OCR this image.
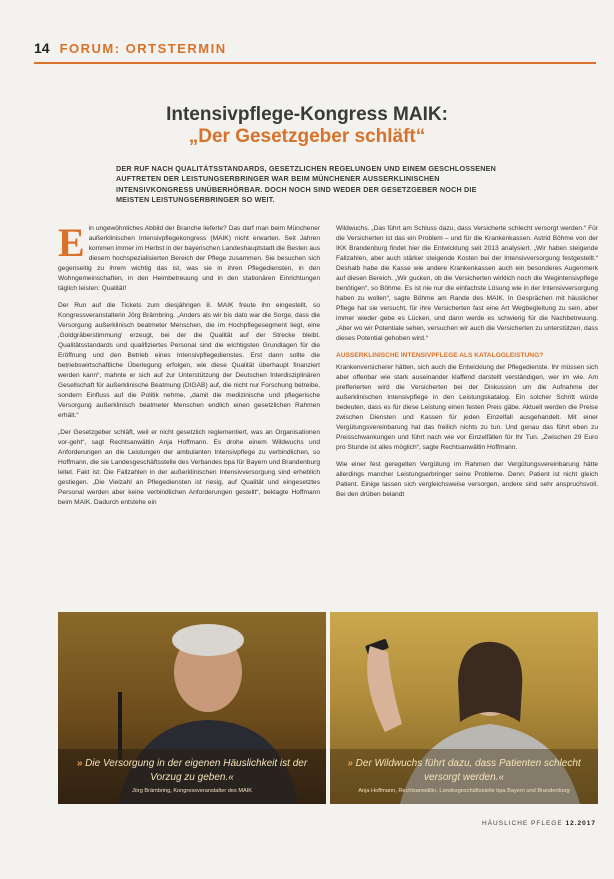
14 FORUM: ORTSTERMIN
Intensivpflege-Kongress MAIK:
„Der Gesetzgeber schläft“
DER RUF NACH QUALITÄTSSTANDARDS, GESETZLICHEN REGELUNGEN UND EINEM GESCHLOSSENEN AUFTRETEN DER LEISTUNGSERBRINGER WAR BEIM MÜNCHENER AUSSERKLINISCHEN INTENSIVKONGRESS UNÜBERHÖRBAR. DOCH NOCH SIND WEDER DER GESETZGEBER NOCH DIE MEISTEN LEISTUNGSERBRINGER SO WEIT.

E in ungewöhnliches Abbild der Branche lieferte? Das darf man beim Münchener außerklinischen Intensivpflegekongress (MAIK) nicht erwarten. Seit Jahren kommen immer im Herbst in der bayerischen Landeshauptstadt die Besten aus diesem hochspezialisierten Bereich der Pflege zusammen. Sie besuchen sich gegenseitig zu ihrem wichtig das ist, was sie in ihren Pflegediensten, in den Wohngemeinschaften, in den Heimbetreuung und in den stationären Einrichtungen täglich leisten: Qualität!

Der Run auf die Tickets zum diesjährigen 8. MAIK freute ihn eingestellt, so Kongressveranstalterin Jörg Brämbring. „Anders als wir bis dato war die Sorge, dass die Versorgung außerklinisch beatmeter Menschen, die im Hochpflegesegment liegt, eine ‚Goldgräberstimmung‘ erzeugt, bei der die Qualität auf der Strecke bleibt. Qualitätsstandards und qualifiziertes Personal sind die wichtigsten Grundlagen für die Eröffnung und den Betrieb eines Intensivpflegedienstes. Erst dann sollte die betriebswirtschaftliche Überlegung erfolgen, wie diese Qualität überhaupt finanziert werden kann“, mahnte er sich auf zur Unterstützung der Deutschen Interdisziplinären Gesellschaft für außerklinische Beatmung (DIGAB) auf, die nicht nur Forschung betreibe, sondern Einfluss auf die Politik nehme, „damit die medizinische und pflegerische Versorgung außerklinisch beatmeter Menschen endlich einen gesetzlichen Rahmen erhält.“

„Der Gesetzgeber schläft, weil er nicht gesetzlich reglementiert, was an Organisationen vor-geht“, sagt Rechtsanwältin Anja Hoffmann. Es drohe einem Wildwuchs und Anforderungen an die Leistungen der ambulanten Intensivpflege zu verbindlichen, so Hoffmann, die sie Landesgeschäftsstelle des Verbandes bpa für Bayern und Brandenburg leitet. Fakt ist: Die Fallzahlen in der außerklinischen Intensivversorgung sind erheblich gestiegen. „Die Vielzahl an Pflegediensten ist riesig, auf Qualität und eingesetztes Personal werden aber keine verbindlichen Anforderungen gestellt“, beklagte Hoffmann beim MAIK. Dadurch entstehe ein

Wildwuchs. „Das führt am Schluss dazu, dass Versicherte schlecht versorgt werden.“ Für die Versicherten ist das ein Problem – und für die Krankenkassen. Astrid Böhme von der IKK Brandenburg findet hier die Entwicklung seit 2013 analysiert. „Wir haben steigende Fallzahlen, aber auch stärker steigende Kosten bei der Intensivversorgung festgestellt.“ Deshalb habe die Kasse wie andere Krankenkassen auch ein besonderes Augenmerk auf diesen Bereich. „Wir gucken, ob die Versicherten wirklich noch die Wegintensivpflege benötigen“, so Böhme. Es ist nie nur die einfachste Lösung wie in der Intensivversorgung haben zu wollen“, sagte Böhme am Rande des MAIK. In Gesprächen mit häuslicher Pflege hat sie versucht, für ihre Versicherten fast eine Art Wegbegleitung zu sein, aber immer wieder gebe es Lücken, und dann werde es schwierig für die Nachbetreuung. „Aber wo wir Potentiale sehen, versuchen wir auch die Versicherten zu unterstützen, dass dieses Potential gehoben wird.“

AUSSERKLINISCHE INTENSIVPFLEGE ALS KATALOGLEISTUNG?

Krankenversicherer hätten, sich auch die Entwicklung der Pflegedienste. Ihr müssen sich aber offenbar wie stark auseinander klaffend darstellt verständigen, wer im wie. Am prefferierten wird die Versicherten bei der Diskussion um die Aufnahme der außerklinischen Intensivpflege in den Leistungskatalog. Ein solcher Schritt würde bedeuten, dass es für diese Leistung einen festen Preis gäbe. Aktuell werden die Preise zwischen Diensten und Kassen für jeden Einzelfall ausgehandelt. Mit einer Vergütungsvereinbarung hat das freilich nichts zu tun. Und genau das führt eben zu Preisschwankungen und führt nach wie vor Einzelfällen für Ihr Tun. „Zwischen 29 Euro pro Stunde ist alles möglich“, sagte Rechtsanwältin Hoffmann.

Wie einer fest geregelten Vergütung im Rahmen der Vergütungsvereinbarung hätte allerdings mancher Leistungserbringer seine Probleme. Denn: Patient ist nicht gleich Patient. Einige lassen sich vergleichsweise versorgen, andere sind sehr anspruchsvoll. Bei den drüben belandt

» Die Versorgung in der eigenen Häuslichkeit ist der Vorzug zu geben.«
Jörg Brämbring, Kongressveranstalter des MAIK
» Der Wildwuchs führt dazu, dass Patienten schlecht versorgt werden.«
Anja Hoffmann, Rechtsanwältin, Landesgeschäftsstelle bpa Bayern und Brandenburg
HÄUSLICHE PFLEGE 12.2017
